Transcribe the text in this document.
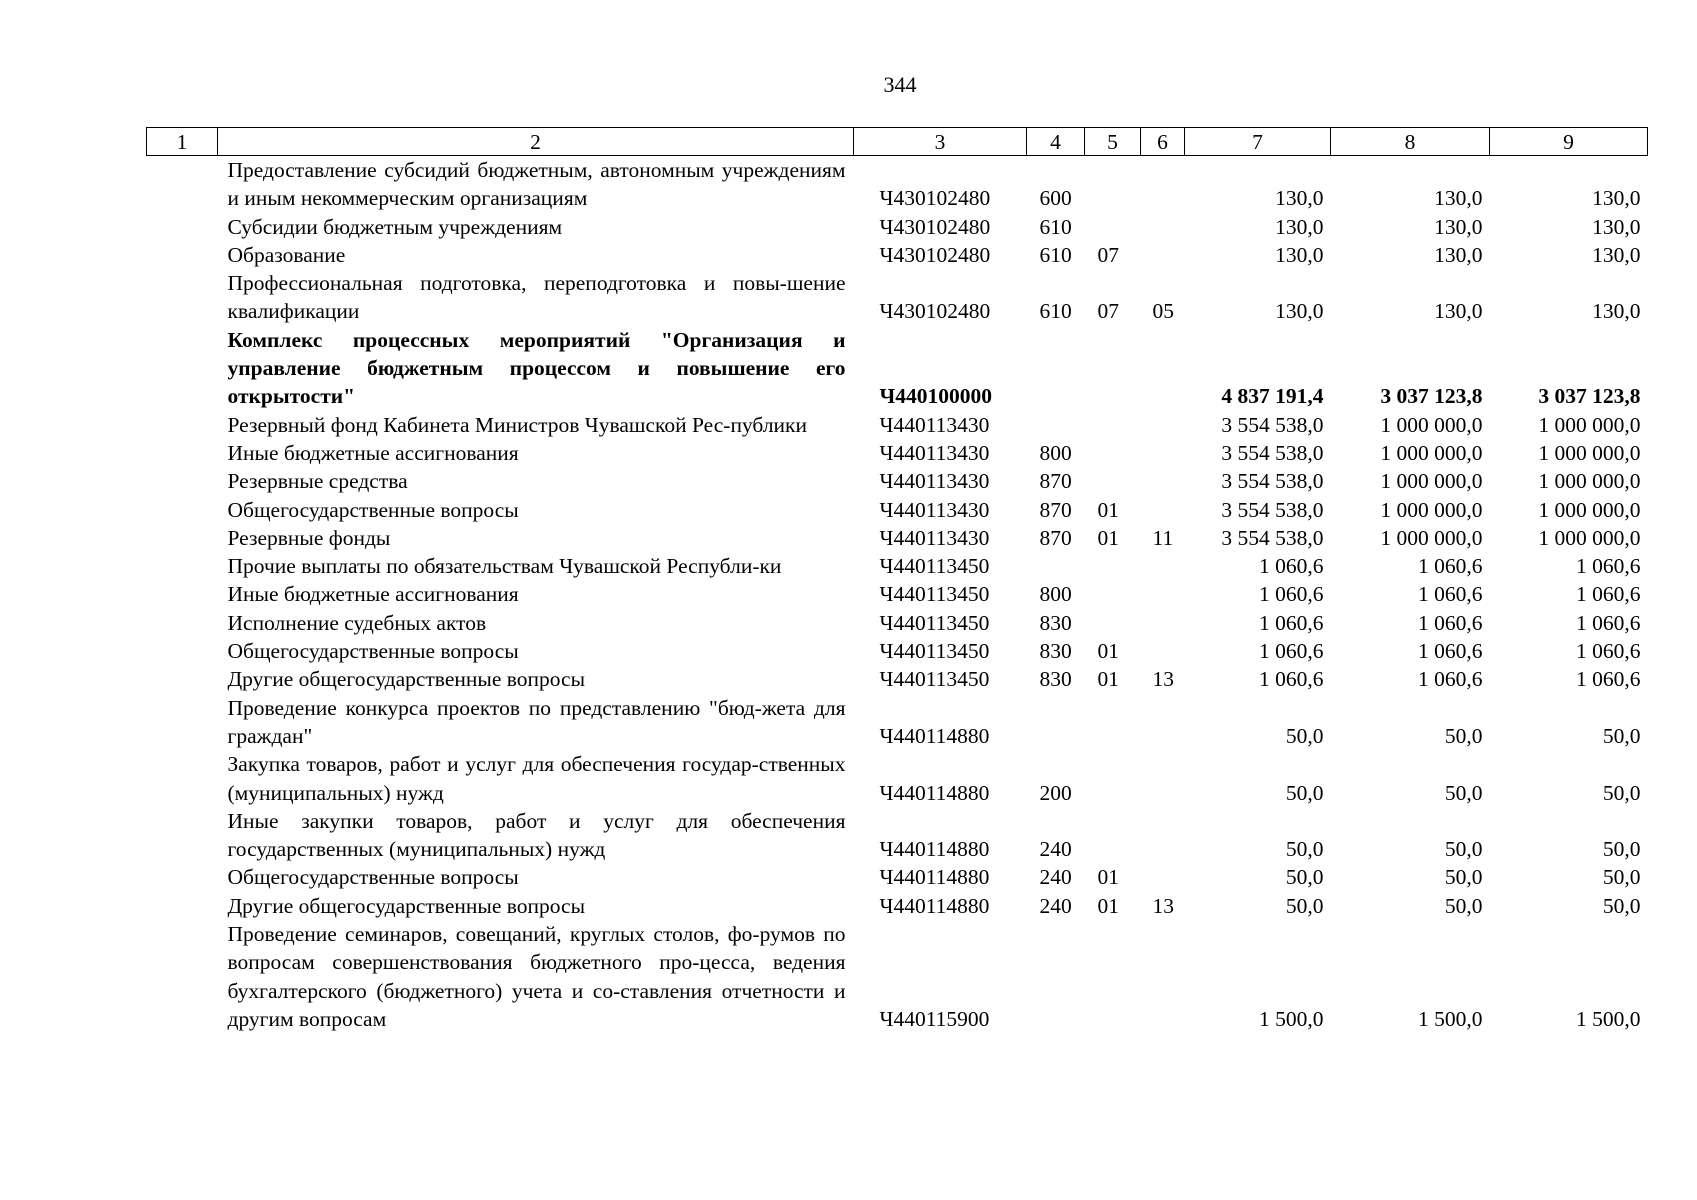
344
1	2	3	4	5	6	7	8	9
	Предоставление субсидий бюджетным, автономным учреждениям и иным некоммерческим организациям	Ч430102480	600			130,0	130,0	130,0
	Субсидии бюджетным учреждениям	Ч430102480	610			130,0	130,0	130,0
	Образование	Ч430102480	610	07		130,0	130,0	130,0
	Профессиональная подготовка, переподготовка и повы-шение квалификации	Ч430102480	610	07	05	130,0	130,0	130,0
	Комплекс процессных мероприятий "Организация и управление бюджетным процессом и повышение его открытости"	Ч440100000				4 837 191,4	3 037 123,8	3 037 123,8
	Резервный фонд Кабинета Министров Чувашской Рес-публики	Ч440113430				3 554 538,0	1 000 000,0	1 000 000,0
	Иные бюджетные ассигнования	Ч440113430	800			3 554 538,0	1 000 000,0	1 000 000,0
	Резервные средства	Ч440113430	870			3 554 538,0	1 000 000,0	1 000 000,0
	Общегосударственные вопросы	Ч440113430	870	01		3 554 538,0	1 000 000,0	1 000 000,0
	Резервные фонды	Ч440113430	870	01	11	3 554 538,0	1 000 000,0	1 000 000,0
	Прочие выплаты по обязательствам Чувашской Республи-ки	Ч440113450				1 060,6	1 060,6	1 060,6
	Иные бюджетные ассигнования	Ч440113450	800			1 060,6	1 060,6	1 060,6
	Исполнение судебных актов	Ч440113450	830			1 060,6	1 060,6	1 060,6
	Общегосударственные вопросы	Ч440113450	830	01		1 060,6	1 060,6	1 060,6
	Другие общегосударственные вопросы	Ч440113450	830	01	13	1 060,6	1 060,6	1 060,6
	Проведение конкурса проектов по представлению "бюд-жета для граждан"	Ч440114880				50,0	50,0	50,0
	Закупка товаров, работ и услуг для обеспечения государ-ственных (муниципальных) нужд	Ч440114880	200			50,0	50,0	50,0
	Иные закупки товаров, работ и услуг для обеспечения государственных (муниципальных) нужд	Ч440114880	240			50,0	50,0	50,0
	Общегосударственные вопросы	Ч440114880	240	01		50,0	50,0	50,0
	Другие общегосударственные вопросы	Ч440114880	240	01	13	50,0	50,0	50,0
	Проведение семинаров, совещаний, круглых столов, фо-румов по вопросам совершенствования бюджетного про-цесса, ведения бухгалтерского (бюджетного) учета и со-ставления отчетности и другим вопросам	Ч440115900				1 500,0	1 500,0	1 500,0
